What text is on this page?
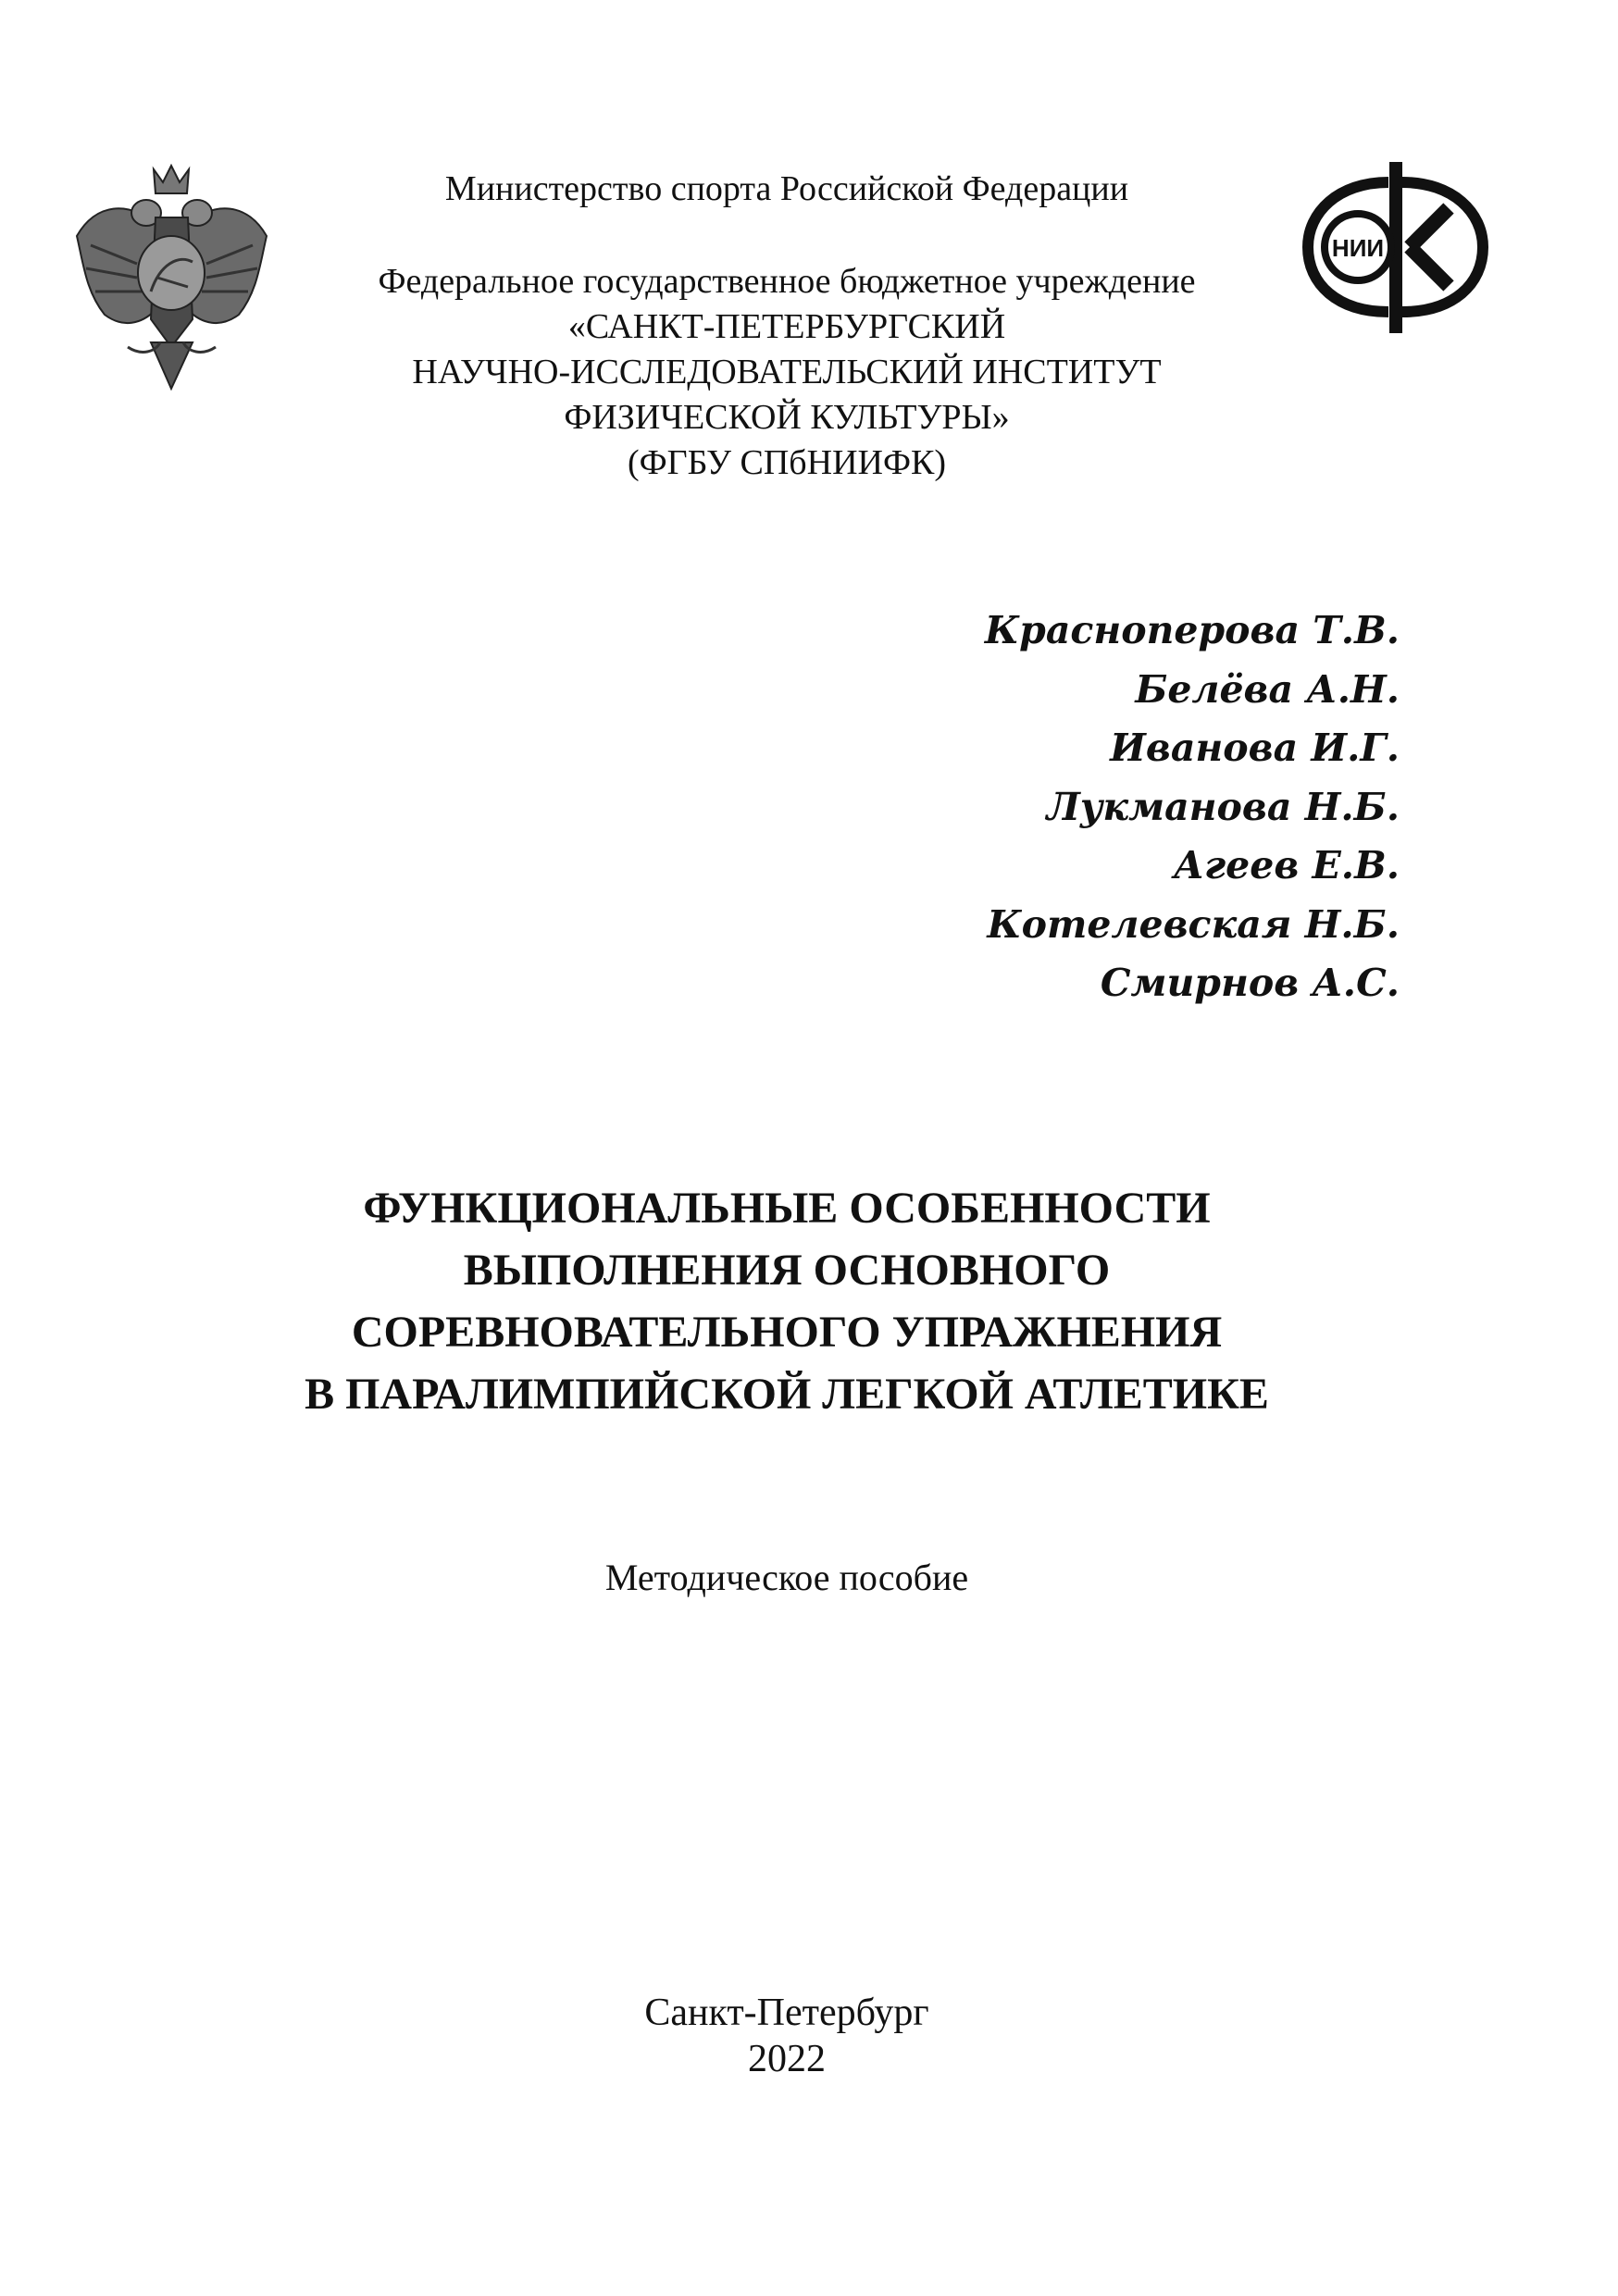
НИИ
Министерство спорта Российской Федерации
Федеральное государственное бюджетное учреждение
«САНКТ-ПЕТЕРБУРГСКИЙ
НАУЧНО-ИССЛЕДОВАТЕЛЬСКИЙ ИНСТИТУТ
ФИЗИЧЕСКОЙ КУЛЬТУРЫ»
(ФГБУ СПбНИИФК)
Красноперова Т.В.
Белёва А.Н.
Иванова И.Г.
Лукманова Н.Б.
Агеев Е.В.
Котелевская Н.Б.
Смирнов А.С.
ФУНКЦИОНАЛЬНЫЕ ОСОБЕННОСТИ
ВЫПОЛНЕНИЯ ОСНОВНОГО
СОРЕВНОВАТЕЛЬНОГО УПРАЖНЕНИЯ
В ПАРАЛИМПИЙСКОЙ ЛЕГКОЙ АТЛЕТИКЕ
Методическое пособие
Санкт-Петербург
2022
